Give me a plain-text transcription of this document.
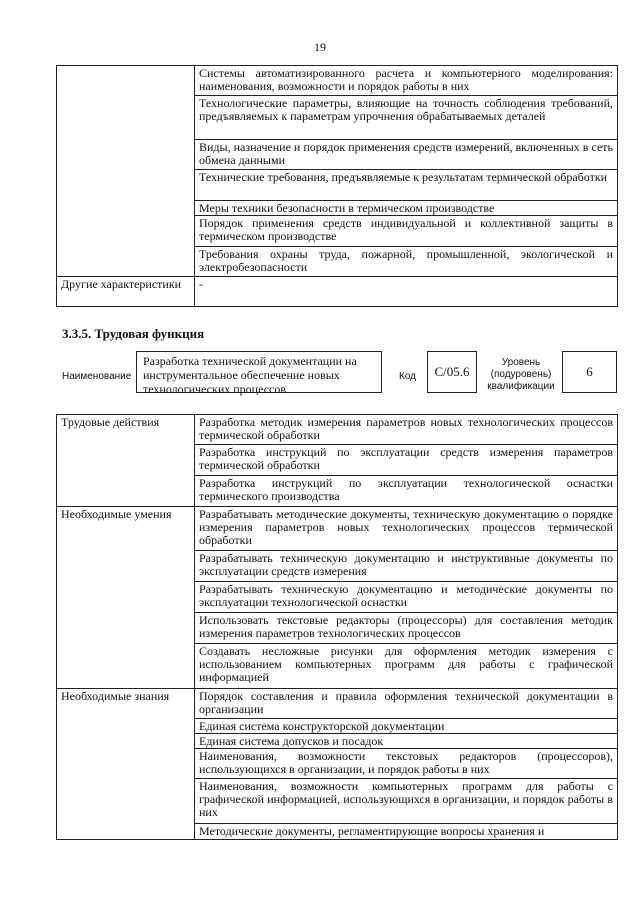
19
	Системы автоматизированного расчета и компьютерного моделирования: наименования, возможности и порядок работы в них
	Технологические параметры, влияющие на точность соблюдения требований, предъявляемых к параметрам упрочнения обрабатываемых деталей
	Виды, назначение и порядок применения средств измерений, включенных в сеть обмена данными
	Технические требования, предъявляемые к результатам термической обработки
	Меры техники безопасности в термическом производстве
	Порядок применения средств индивидуальной и коллективной защиты в термическом производстве
	Требования охраны труда, пожарной, промышленной, экологической и электробезопасности
Другие характеристики	-
3.3.5. Трудовая функция
Наименование
Разработка технической документации на инструментальное обеспечение новых технологических процессов
Код C/05.6
Уровень (подуровень) квалификации
6
Трудовые действия	Разработка методик измерения параметров новых технологических процессов термической обработки
	Разработка инструкций по эксплуатации средств измерения параметров термической обработки
	Разработка инструкций по эксплуатации технологической оснастки термического производства
Необходимые умения	Разрабатывать методические документы, техническую документацию о порядке измерения параметров новых технологических процессов термической обработки
	Разрабатывать техническую документацию и инструктивные документы по эксплуатации средств измерения
	Разрабатывать техническую документацию и методические документы по эксплуатации технологической оснастки
	Использовать текстовые редакторы (процессоры) для составления методик измерения параметров технологических процессов
	Создавать несложные рисунки для оформления методик измерения с использованием компьютерных программ для работы с графической информацией
Необходимые знания	Порядок составления и правила оформления технической документации в организации
	Единая система конструкторской документации
	Единая система допусков и посадок
	Наименования, возможности текстовых редакторов (процессоров), использующихся в организации, и порядок работы в них
	Наименования, возможности компьютерных программ для работы с графической информацией, использующихся в организации, и порядок работы в них
	Методические документы, регламентирующие вопросы хранения и
